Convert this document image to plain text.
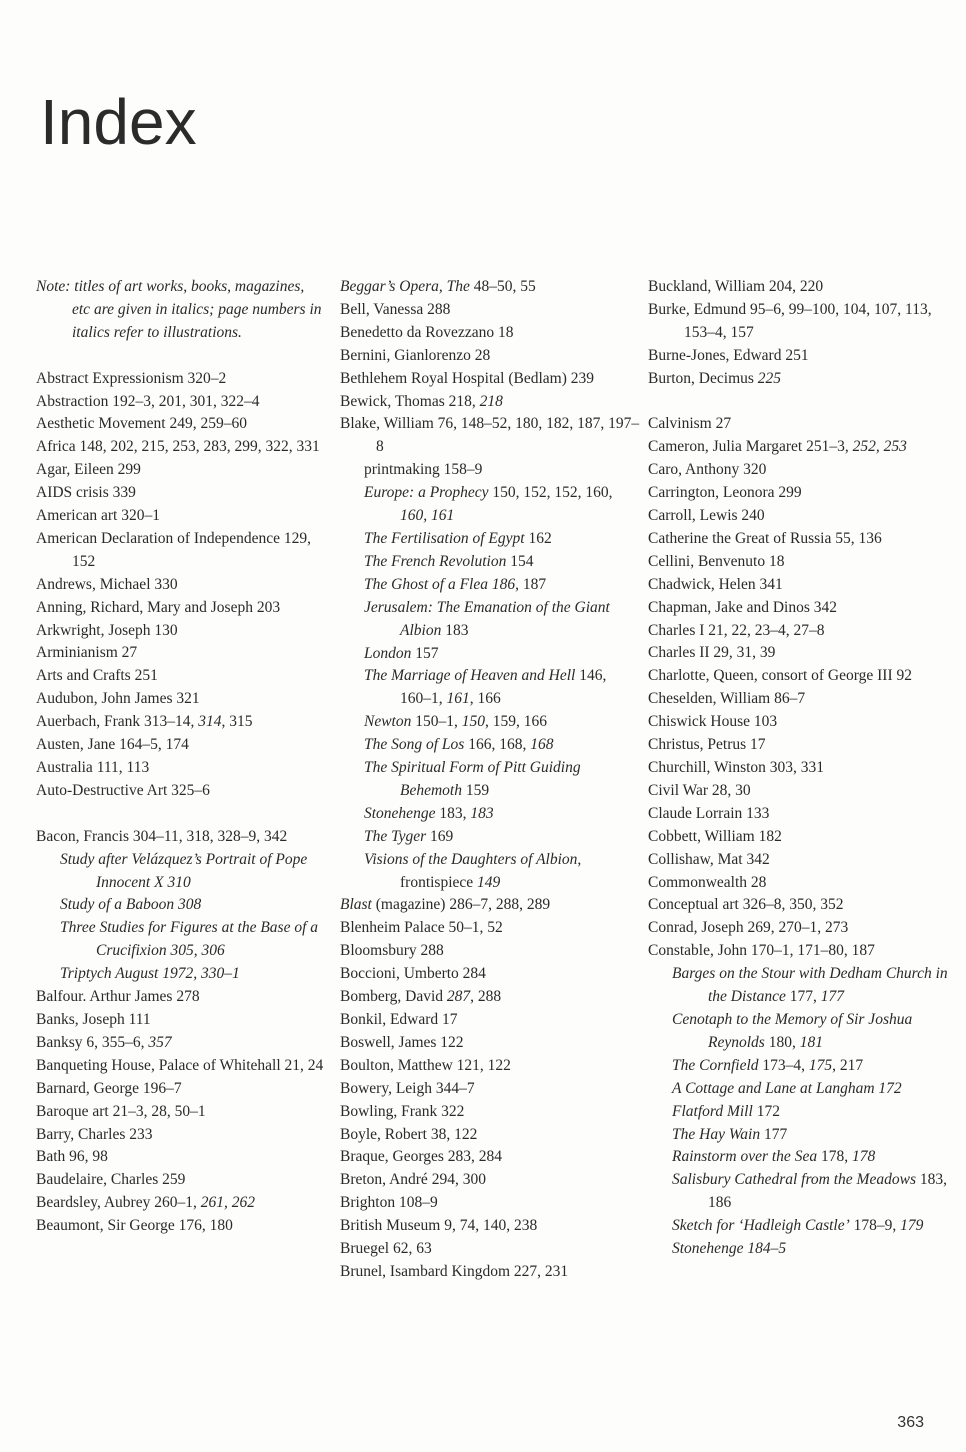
Index
Note: titles of art works, books, magazines, etc are given in italics; page numbers in italics refer to illustrations.
Abstract Expressionism 320–2
Abstraction 192–3, 201, 301, 322–4
Aesthetic Movement 249, 259–60
Africa 148, 202, 215, 253, 283, 299, 322, 331
Agar, Eileen 299
AIDS crisis 339
American art 320–1
American Declaration of Independence 129, 152
Andrews, Michael 330
Anning, Richard, Mary and Joseph 203
Arkwright, Joseph 130
Arminianism 27
Arts and Crafts 251
Audubon, John James 321
Auerbach, Frank 313–14, 314, 315
Austen, Jane 164–5, 174
Australia 111, 113
Auto-Destructive Art 325–6
Bacon, Francis 304–11, 318, 328–9, 342
Study after Velázquez’s Portrait of Pope Innocent X 310
Study of a Baboon 308
Three Studies for Figures at the Base of a Crucifixion 305, 306
Triptych August 1972, 330–1
Balfour. Arthur James 278
Banks, Joseph 111
Banksy 6, 355–6, 357
Banqueting House, Palace of Whitehall 21, 24
Barnard, George 196–7
Baroque art 21–3, 28, 50–1
Barry, Charles 233
Bath 96, 98
Baudelaire, Charles 259
Beardsley, Aubrey 260–1, 261, 262
Beaumont, Sir George 176, 180
Beggar’s Opera, The 48–50, 55
Bell, Vanessa 288
Benedetto da Rovezzano 18
Bernini, Gianlorenzo 28
Bethlehem Royal Hospital (Bedlam) 239
Bewick, Thomas 218, 218
Blake, William 76, 148–52, 180, 182, 187, 197–8
printmaking 158–9
Europe: a Prophecy 150, 152, 152, 160, 160, 161
The Fertilisation of Egypt 162
The French Revolution 154
The Ghost of a Flea 186, 187
Jerusalem: The Emanation of the Giant Albion 183
London 157
The Marriage of Heaven and Hell 146, 160–1, 161, 166
Newton 150–1, 150, 159, 166
The Song of Los 166, 168, 168
The Spiritual Form of Pitt Guiding Behemoth 159
Stonehenge 183, 183
The Tyger 169
Visions of the Daughters of Albion, frontispiece 149
Blast (magazine) 286–7, 288, 289
Blenheim Palace 50–1, 52
Bloomsbury 288
Boccioni, Umberto 284
Bomberg, David 287, 288
Bonkil, Edward 17
Boswell, James 122
Boulton, Matthew 121, 122
Bowery, Leigh 344–7
Bowling, Frank 322
Boyle, Robert 38, 122
Braque, Georges 283, 284
Breton, André 294, 300
Brighton 108–9
British Museum 9, 74, 140, 238
Bruegel 62, 63
Brunel, Isambard Kingdom 227, 231
Buckland, William 204, 220
Burke, Edmund 95–6, 99–100, 104, 107, 113, 153–4, 157
Burne-Jones, Edward 251
Burton, Decimus 225
Calvinism 27
Cameron, Julia Margaret 251–3, 252, 253
Caro, Anthony 320
Carrington, Leonora 299
Carroll, Lewis 240
Catherine the Great of Russia 55, 136
Cellini, Benvenuto 18
Chadwick, Helen 341
Chapman, Jake and Dinos 342
Charles I 21, 22, 23–4, 27–8
Charles II 29, 31, 39
Charlotte, Queen, consort of George III 92
Cheselden, William 86–7
Chiswick House 103
Christus, Petrus 17
Churchill, Winston 303, 331
Civil War 28, 30
Claude Lorrain 133
Cobbett, William 182
Collishaw, Mat 342
Commonwealth 28
Conceptual art 326–8, 350, 352
Conrad, Joseph 269, 270–1, 273
Constable, John 170–1, 171–80, 187
Barges on the Stour with Dedham Church in the Distance 177, 177
Cenotaph to the Memory of Sir Joshua Reynolds 180, 181
The Cornfield 173–4, 175, 217
A Cottage and Lane at Langham 172
Flatford Mill 172
The Hay Wain 177
Rainstorm over the Sea 178, 178
Salisbury Cathedral from the Meadows 183, 186
Sketch for ‘Hadleigh Castle’ 178–9, 179
Stonehenge 184–5
363
